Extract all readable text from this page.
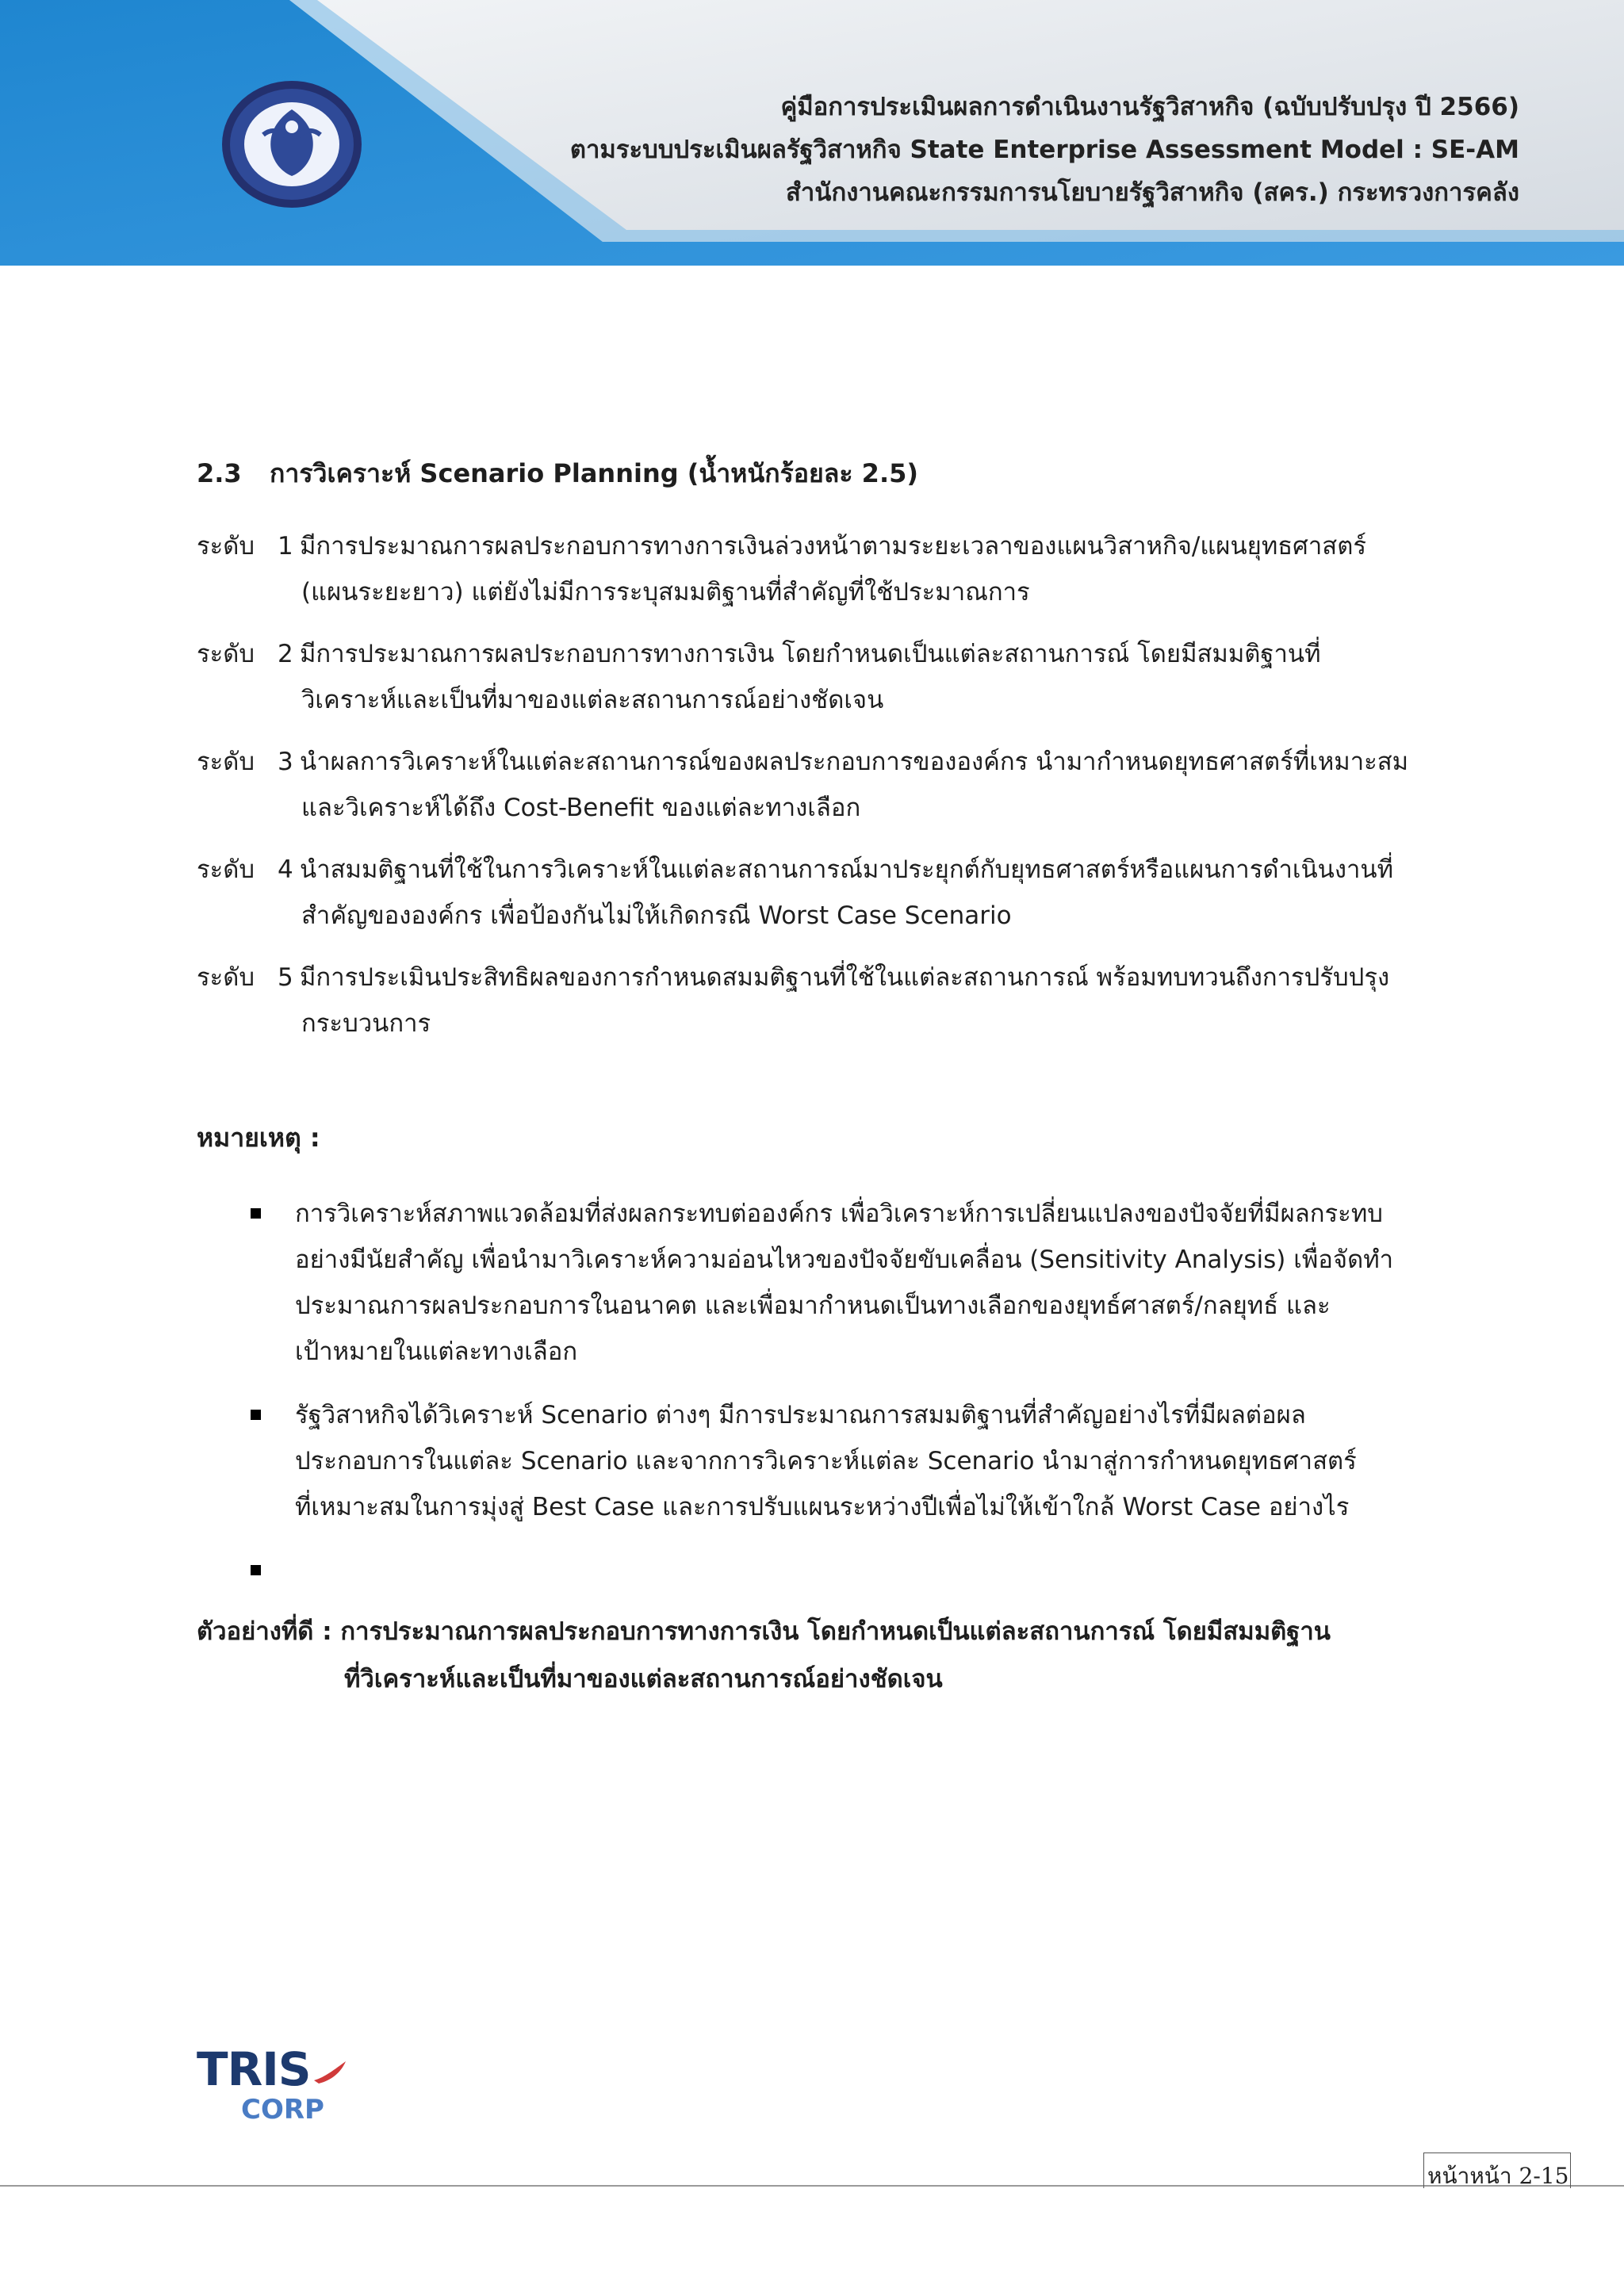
คู่มือการประเมินผลการดำเนินงานรัฐวิสาหกิจ (ฉบับปรับปรุง ปี 2566)
ตามระบบประเมินผลรัฐวิสาหกิจ State Enterprise Assessment Model : SE-AM
สำนักงานคณะกรรมการนโยบายรัฐวิสาหกิจ (สคร.) กระทรวงการคลัง
2.3 การวิเคราะห์ Scenario Planning (น้ำหนักร้อยละ 2.5)
ระดับ 1 มีการประมาณการผลประกอบการทางการเงินล่วงหน้าตามระยะเวลาของแผนวิสาหกิจ/แผนยุทธศาสตร์
(แผนระยะยาว) แต่ยังไม่มีการระบุสมมติฐานที่สำคัญที่ใช้ประมาณการ
ระดับ 2 มีการประมาณการผลประกอบการทางการเงิน โดยกำหนดเป็นแต่ละสถานการณ์ โดยมีสมมติฐานที่
วิเคราะห์และเป็นที่มาของแต่ละสถานการณ์อย่างชัดเจน
ระดับ 3 นำผลการวิเคราะห์ในแต่ละสถานการณ์ของผลประกอบการขององค์กร นำมากำหนดยุทธศาสตร์ที่เหมาะสม
และวิเคราะห์ได้ถึง Cost-Benefit ของแต่ละทางเลือก
ระดับ 4 นำสมมติฐานที่ใช้ในการวิเคราะห์ในแต่ละสถานการณ์มาประยุกต์กับยุทธศาสตร์หรือแผนการดำเนินงานที่
สำคัญขององค์กร เพื่อป้องกันไม่ให้เกิดกรณี Worst Case Scenario
ระดับ 5 มีการประเมินประสิทธิผลของการกำหนดสมมติฐานที่ใช้ในแต่ละสถานการณ์ พร้อมทบทวนถึงการปรับปรุง
กระบวนการ
หมายเหตุ :
การวิเคราะห์สภาพแวดล้อมที่ส่งผลกระทบต่อองค์กร เพื่อวิเคราะห์การเปลี่ยนแปลงของปัจจัยที่มีผลกระทบ
อย่างมีนัยสำคัญ เพื่อนำมาวิเคราะห์ความอ่อนไหวของปัจจัยขับเคลื่อน (Sensitivity Analysis) เพื่อจัดทำ
ประมาณการผลประกอบการในอนาคต และเพื่อมากำหนดเป็นทางเลือกของยุทธ์ศาสตร์/กลยุทธ์ และ
เป้าหมายในแต่ละทางเลือก
รัฐวิสาหกิจได้วิเคราะห์ Scenario ต่างๆ มีการประมาณการสมมติฐานที่สำคัญอย่างไรที่มีผลต่อผล
ประกอบการในแต่ละ Scenario และจากการวิเคราะห์แต่ละ Scenario นำมาสู่การกำหนดยุทธศาสตร์
ที่เหมาะสมในการมุ่งสู่ Best Case และการปรับแผนระหว่างปีเพื่อไม่ให้เข้าใกล้ Worst Case อย่างไร
ตัวอย่างที่ดี : การประมาณการผลประกอบการทางการเงิน โดยกำหนดเป็นแต่ละสถานการณ์ โดยมีสมมติฐาน
ที่วิเคราะห์และเป็นที่มาของแต่ละสถานการณ์อย่างชัดเจน
TRIS
CORP
หน้าหน้า 2-15
